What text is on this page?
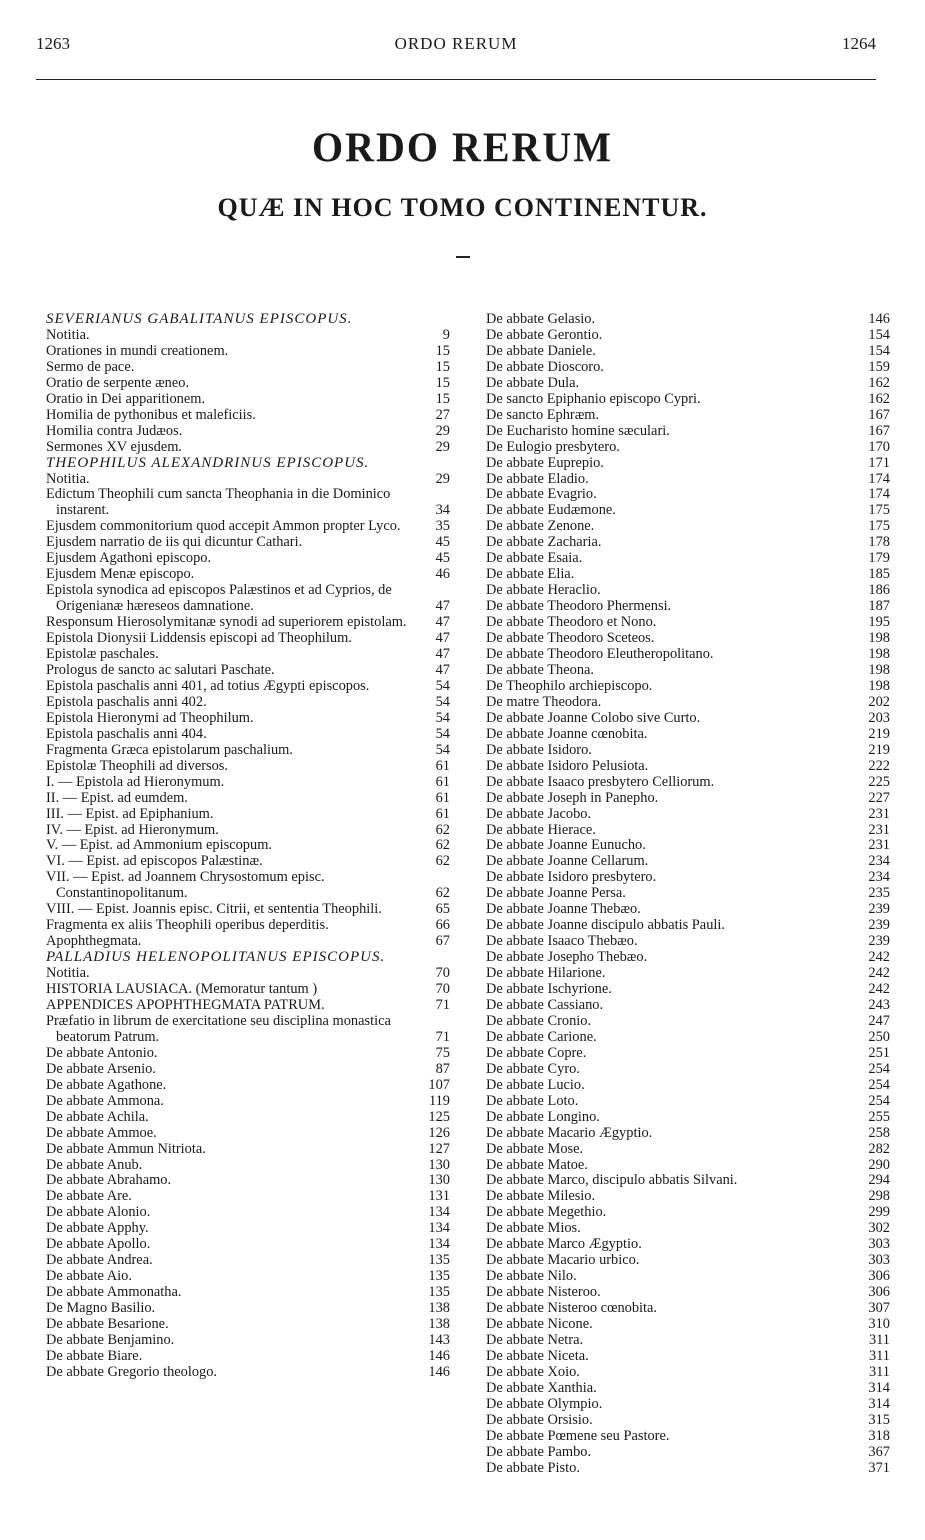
1263	ORDO RERUM	1264
ORDO RERUM
QUÆ IN HOC TOMO CONTINENTUR.
SEVERIANUS GABALITANUS EPISCOPUS.
Notitia.	9
Orationes in mundi creationem.	15
Sermo de pace.	15
Oratio de serpente æneo.	15
Oratio in Dei apparitionem.	15
Homilia de pythonibus et maleficiis.	27
Homilia contra Judæos.	29
Sermones XV ejusdem.	29
THEOPHILUS ALEXANDRINUS EPISCOPUS.
Notitia.	29
Edictum Theophili cum sancta Theophania in die Dominico instarent.	34
Ejusdem commonitorium quod accepit Ammon propter Lyco.	35
Ejusdem narratio de iis qui dicuntur Cathari.	45
Ejusdem Agathoni episcopo.	45
Ejusdem Menæ episcopo.	46
Epistola synodica ad episcopos Palæstinos et ad Cyprios, de Origenianæ hæreseos damnatione.	47
Responsum Hierosolymitanæ synodi ad superiorem epistolam.	47
Epistola Dionysii Liddensis episcopi ad Theophilum.	47
Epistolæ paschales.	47
Prologus de sancto ac salutari Paschate.	47
Epistola paschalis anni 401, ad totius Ægypti episcopos.	54
Epistola paschalis anni 402.	54
Epistola Hieronymi ad Theophilum.	54
Epistola paschalis anni 404.	54
Fragmenta Græca epistolarum paschalium.	54
Epistolæ Theophili ad diversos.	61
I. — Epistola ad Hieronymum.	61
II. — Epist. ad eumdem.	61
III. — Epist. ad Epiphanium.	61
IV. — Epist. ad Hieronymum.	62
V. — Epist. ad Ammonium episcopum.	62
VI. — Epist. ad episcopos Palæstinæ.	62
VII. — Epist. ad Joannem Chrysostomum episc. Constantinopolitanum.	62
VIII. — Epist. Joannis episc. Citrii, et sententia Theophili.	65
Fragmenta ex aliis Theophili operibus deperditis.	66
Apophthegmata.	67
PALLADIUS HELENOPOLITANUS EPISCOPUS.
Notitia.	70
HISTORIA LAUSIACA. (Memoratur tantum )	70
APPENDICES APOPHTHEGMATA PATRUM.	71
Præfatio in librum de exercitatione seu disciplina monastica beatorum Patrum.	71
De abbate Antonio.	75
De abbate Arsenio.	87
De abbate Agathone.	107
De abbate Ammona.	119
De abbate Achila.	125
De abbate Ammoe.	126
De abbate Ammun Nitriota.	127
De abbate Anub.	130
De abbate Abrahamo.	130
De abbate Are.	131
De abbate Alonio.	134
De abbate Apphy.	134
De abbate Apollo.	134
De abbate Andrea.	135
De abbate Aio.	135
De abbate Ammonatha.	135
De Magno Basilio.	138
De abbate Besarione.	138
De abbate Benjamino.	143
De abbate Biare.	146
De abbate Gregorio theologo.	146
De abbate Gelasio.	146
De abbate Gerontio.	154
De abbate Daniele.	154
De abbate Dioscoro.	159
De abbate Dula.	162
De sancto Epiphanio episcopo Cypri.	162
De sancto Ephræm.	167
De Eucharisto homine sæculari.	167
De Eulogio presbytero.	170
De abbate Euprepio.	171
De abbate Eladio.	174
De abbate Evagrio.	174
De abbate Eudæmone.	175
De abbate Zenone.	175
De abbate Zacharia.	178
De abbate Esaia.	179
De abbate Elia.	185
De abbate Heraclio.	186
De abbate Theodoro Phermensi.	187
De abbate Theodoro et Nono.	195
De abbate Theodoro Sceteos.	198
De abbate Theodoro Eleutheropolitano.	198
De abbate Theona.	198
De Theophilo archiepiscopo.	198
De matre Theodora.	202
De abbate Joanne Colobo sive Curto.	203
De abbate Joanne cœnobita.	219
De abbate Isidoro.	219
De abbate Isidoro Pelusiota.	222
De abbate Isaaco presbytero Celliorum.	225
De abbate Joseph in Panepho.	227
De abbate Jacobo.	231
De abbate Hierace.	231
De abbate Joanne Eunucho.	231
De abbate Joanne Cellarum.	234
De abbate Isidoro presbytero.	234
De abbate Joanne Persa.	235
De abbate Joanne Thebæo.	239
De abbate Joanne discipulo abbatis Pauli.	239
De abbate Isaaco Thebæo.	239
De abbate Josepho Thebæo.	242
De abbate Hilarione.	242
De abbate Ischyrione.	242
De abbate Cassiano.	243
De abbate Cronio.	247
De abbate Carione.	250
De abbate Copre.	251
De abbate Cyro.	254
De abbate Lucio.	254
De abbate Loto.	254
De abbate Longino.	255
De abbate Macario Ægyptio.	258
De abbate Mose.	282
De abbate Matoe.	290
De abbate Marco, discipulo abbatis Silvani.	294
De abbate Milesio.	298
De abbate Megethio.	299
De abbate Mios.	302
De abbate Marco Ægyptio.	303
De abbate Macario urbico.	303
De abbate Nilo.	306
De abbate Nisteroo.	306
De abbate Nisteroo cœnobita.	307
De abbate Nicone.	310
De abbate Netra.	311
De abbate Niceta.	311
De abbate Xoio.	311
De abbate Xanthia.	314
De abbate Olympio.	314
De abbate Orsisio.	315
De abbate Pœmene seu Pastore.	318
De abbate Pambo.	367
De abbate Pisto.	371
